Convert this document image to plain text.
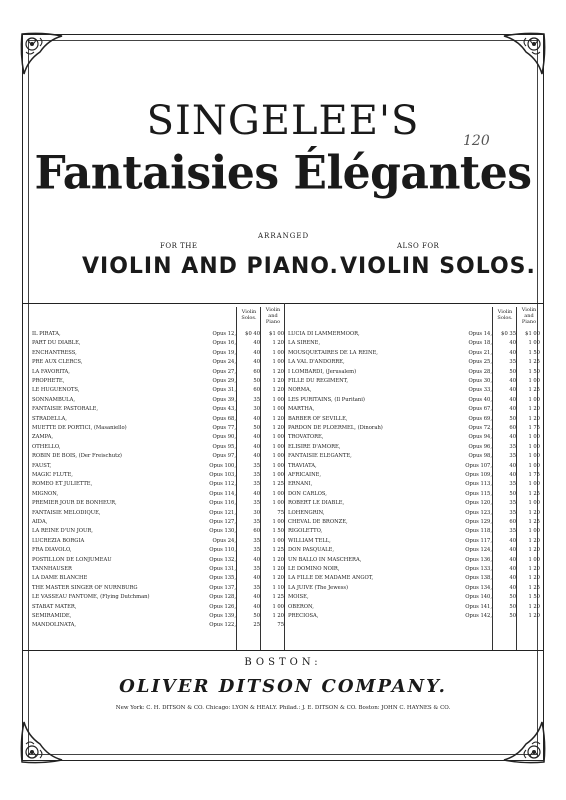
SINGELEE'S	120
Fantaisies Élégantes
ARRANGED
FOR THE	ALSO FOR
VIOLIN AND PIANO. VIOLIN SOLOS.
Violin Solos.
Violin and Piano
IL PIRATA,	Opus 12,	$0 40	$1 00
PART DU DIABLE,	Opus 16,	40	1 20
ENCHANTRESS,	Opus 19,	40	1 00
PRE AUX CLERCS,	Opus 24,	40	1 00
LA FAVORITA,	Opus 27,	60	1 20
PROPHETE,	Opus 29,	50	1 20
LE HUGUENOTS,	Opus 31,	60	1 20
SONNAMBULA,	Opus 39,	35	1 00
FANTAISIE PASTORALE,	Opus 43,	30	1 00
STRADELLA,	Opus 68,	40	1 20
MUETTE DE PORTICI, (Masaniello)	Opus 77,	50	1 20
ZAMPA,	Opus 90,	40	1 00
OTHELLO,	Opus 95,	40	1 00
ROBIN DE BOIS, (Der Freischutz)	Opus 97,	40	1 00
FAUST,	Opus 100,	35	1 00
MAGIC FLUTE,	Opus 103,	35	1 00
ROMEO ET JULIETTE,	Opus 112,	35	1 25
MIGNON,	Opus 114,	40	1 00
PREMIER JOUR DE BONHEUR,	Opus 116,	35	1 00
FANTAISIE MELODIQUE,	Opus 121,	30	75
AIDA,	Opus 127,	35	1 00
LA REINE D'UN JOUR,	Opus 130,	60	1 50
LUCREZIA BORGIA	Opus 24,	35	1 00
FRA DIAVOLO,	Opus 110,	35	1 25
POSTILLON DE LONJUMEAU	Opus 132,	40	1 20
TANNHAUSER	Opus 131,	35	1 20
LA DAME BLANCHE	Opus 135,	40	1 20
THE MASTER SINGER OF NURNBURG	Opus 137,	35	1 10
LE VASSEAU FANTOME, (Flying Dutchman)	Opus 128,	40	1 25
STABAT MATER,	Opus 126,	40	1 00
SEMIRAMIDE,	Opus 139,	50	1 20
MANDOLINATA,	Opus 122,	25	75
Violin Solos.
Violin and Piano
LUCIA DI LAMMERMOOR,	Opus 14,	$0 35	$1 00
LA SIRENE,	Opus 18,	40	1 00
MOUSQUETAIRES DE LA REINE,	Opus 21,	40	1 50
LA VAL D'ANDORRE,	Opus 25,	35	1 25
I LOMBARDI, (Jerusalem)	Opus 28,	50	1 50
FILLE DU REGIMENT,	Opus 30,	40	1 00
NORMA,	Opus 33,	40	1 25
LES PURITAINS, (Il Puritani)	Opus 40,	40	1 00
MARTHA,	Opus 67,	40	1 20
BARBER OF SEVILLE,	Opus 69,	50	1 20
PARDON DE PLOERMEL, (Dinorah)	Opus 72,	60	1 75
TROVATORE,	Opus 94,	40	1 00
ELISIRE D'AMORE,	Opus 96,	35	1 00
FANTAISIE ELEGANTE,	Opus 98,	35	1 00
TRAVIATA,	Opus 107,	40	1 00
AFRICAINE,	Opus 109,	40	1 75
ERNANI,	Opus 113,	35	1 00
DON CARLOS,	Opus 115,	50	1 25
ROBERT LE DIABLE,	Opus 120,	35	1 00
LOHENGRIN,	Opus 123,	35	1 20
CHEVAL DE BRONZE,	Opus 129,	60	1 25
RIGOLETTO,	Opus 118,	35	1 00
WILLIAM TELL,	Opus 117,	40	1 20
DON PASQUALE,	Opus 124,	40	1 20
UN BALLO IN MASCHERA,	Opus 136,	40	1 00
LE DOMINO NOIR,	Opus 133,	40	1 20
LA FILLE DE MADAME ANGOT,	Opus 138,	40	1 20
LA JUIVE (The Jewess)	Opus 134,	40	1 25
MOISE,	Opus 140,	50	1 50
OBERON,	Opus 141,	50	1 20
PRECIOSA,	Opus 142,	50	1 20
BOSTON:
OLIVER DITSON COMPANY.
New York: C. H. DITSON & CO. Chicago: LYON & HEALY. Philad.: J. E. DITSON & CO. Boston: JOHN C. HAYNES & CO.
